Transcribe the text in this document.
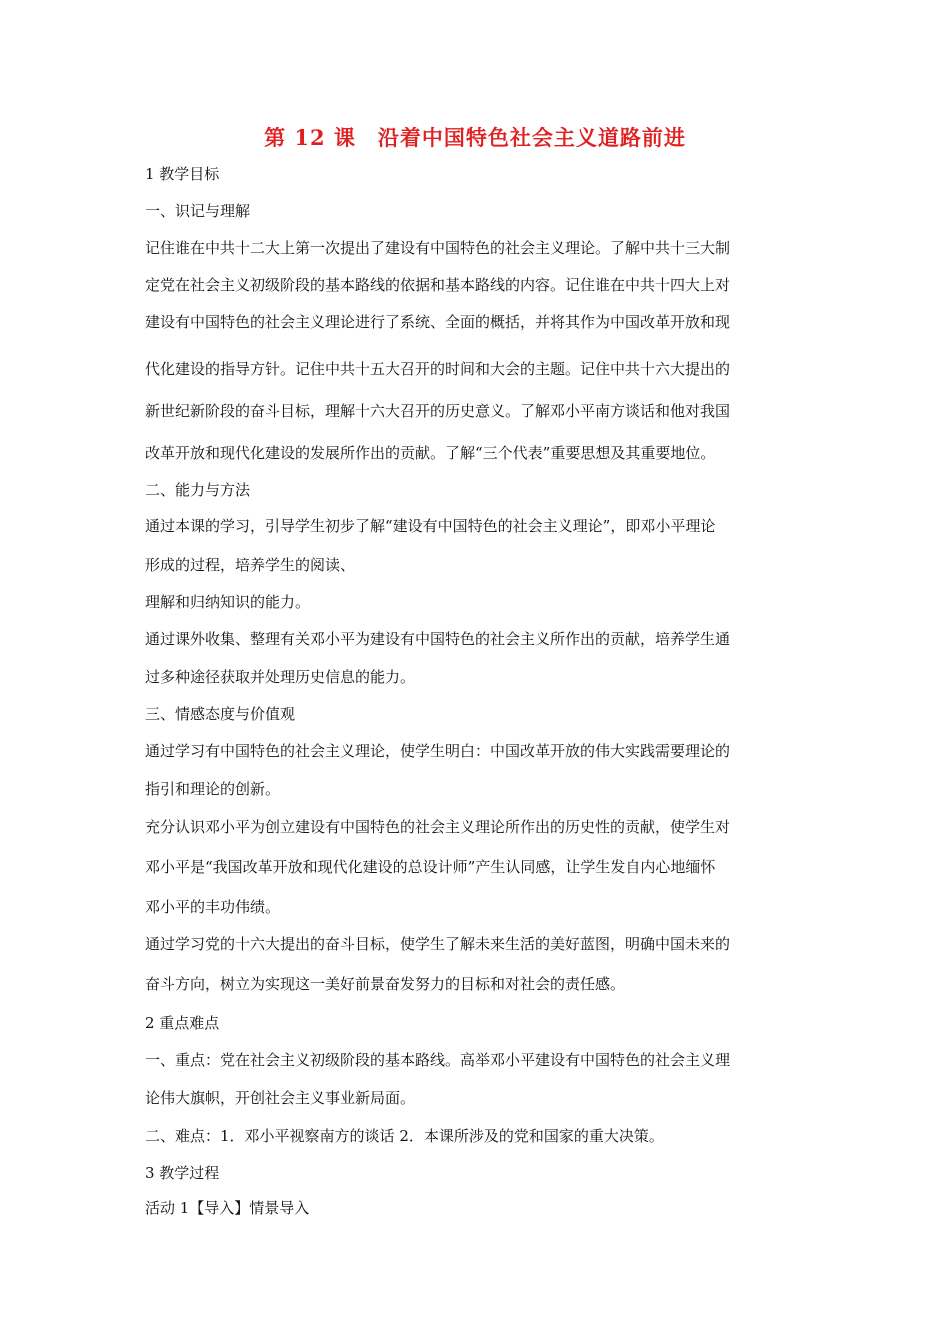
第 12 课　沿着中国特色社会主义道路前进
1 教学目标
一、识记与理解
记住谁在中共十二大上第一次提出了建设有中国特色的社会主义理论。了解中共十三大制
定党在社会主义初级阶段的基本路线的依据和基本路线的内容。记住谁在中共十四大上对
建设有中国特色的社会主义理论进行了系统、全面的概括，并将其作为中国改革开放和现
代化建设的指导方针。记住中共十五大召开的时间和大会的主题。记住中共十六大提出的
新世纪新阶段的奋斗目标，理解十六大召开的历史意义。了解邓小平南方谈话和他对我国
改革开放和现代化建设的发展所作出的贡献。了解“三个代表”重要思想及其重要地位。
二、能力与方法
通过本课的学习，引导学生初步了解“建设有中国特色的社会主义理论”，即邓小平理论
形成的过程，培养学生的阅读、
理解和归纳知识的能力。
通过课外收集、整理有关邓小平为建设有中国特色的社会主义所作出的贡献，培养学生通
过多种途径获取并处理历史信息的能力。
三、情感态度与价值观
通过学习有中国特色的社会主义理论，使学生明白：中国改革开放的伟大实践需要理论的
指引和理论的创新。
充分认识邓小平为创立建设有中国特色的社会主义理论所作出的历史性的贡献，使学生对
邓小平是“我国改革开放和现代化建设的总设计师”产生认同感，让学生发自内心地缅怀
邓小平的丰功伟绩。
通过学习党的十六大提出的奋斗目标，使学生了解未来生活的美好蓝图，明确中国未来的
奋斗方向，树立为实现这一美好前景奋发努力的目标和对社会的责任感。
2 重点难点
一、重点：党在社会主义初级阶段的基本路线。高举邓小平建设有中国特色的社会主义理
论伟大旗帜，开创社会主义事业新局面。
二、难点：1．邓小平视察南方的谈话 2．本课所涉及的党和国家的重大决策。
3 教学过程
活动 1【导入】情景导入
